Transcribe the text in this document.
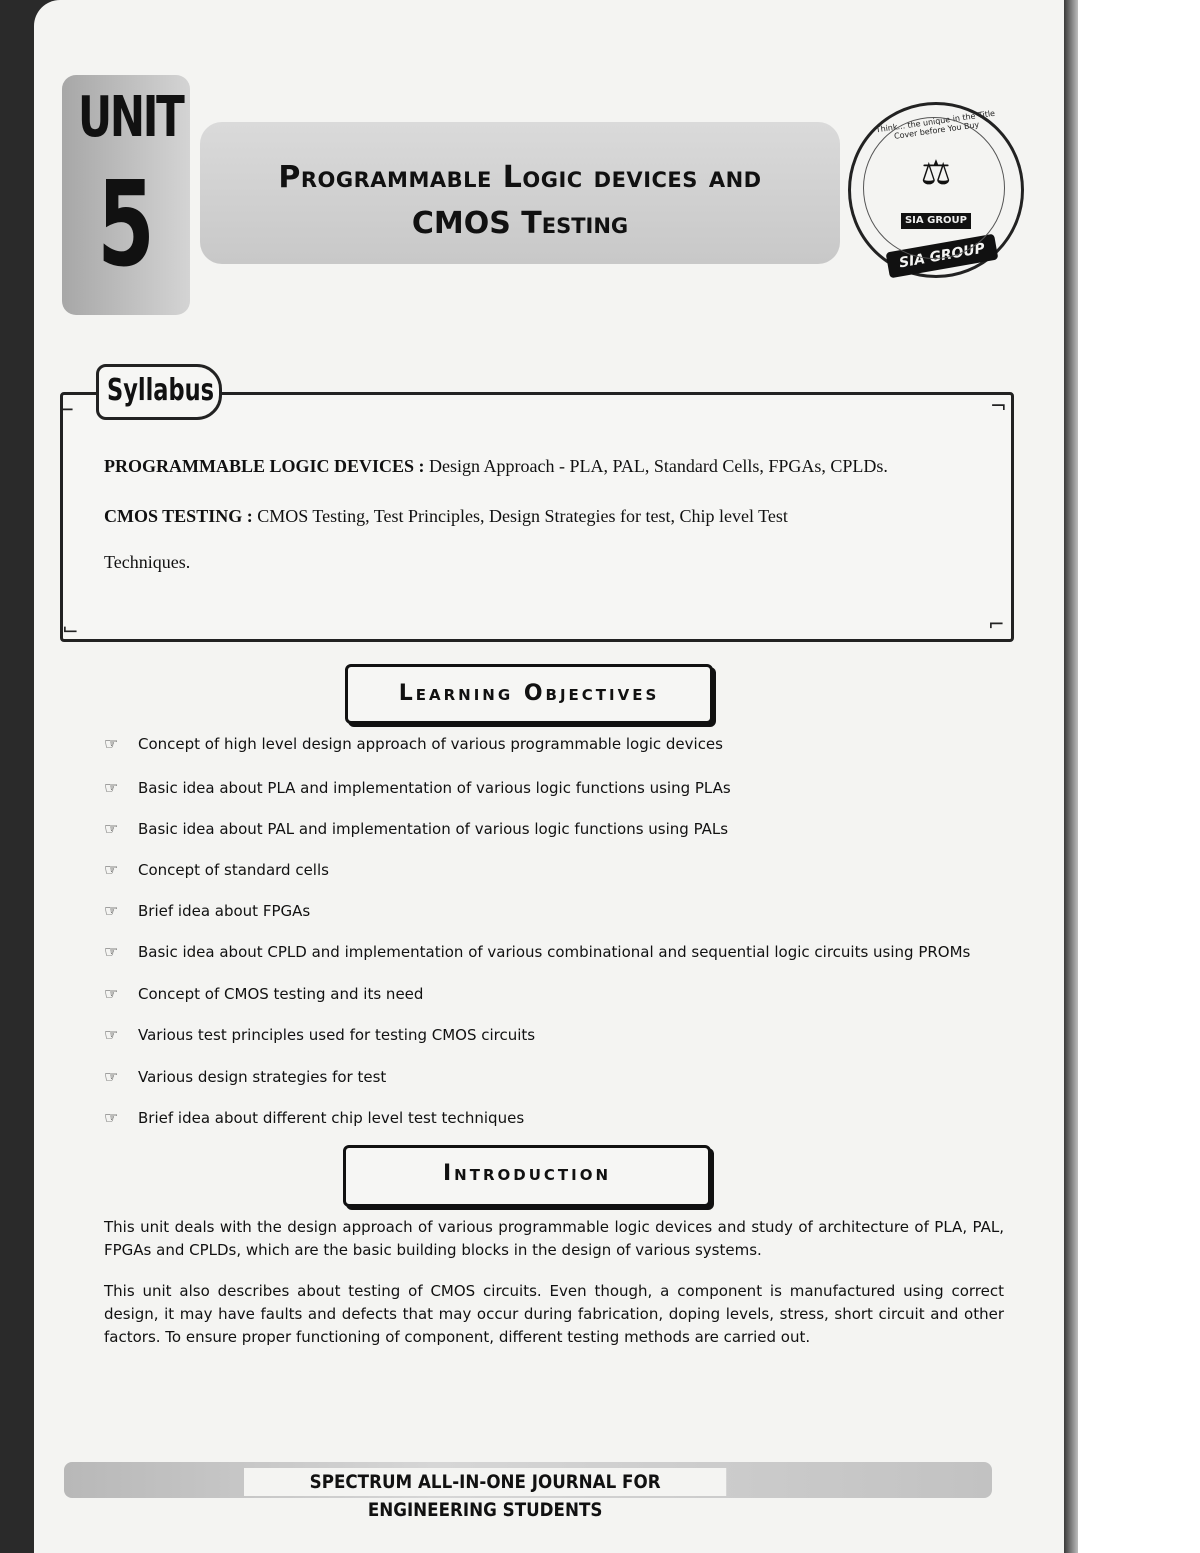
UNIT
5	Programmable Logic devices and
CMOS Testing
Think... the unique in the Title Cover before You Buy
⚖
SIA GROUP
SIA GROUP
Syllabus
⌐	¬
⌙	⌐
PROGRAMMABLE LOGIC DEVICES : Design Approach - PLA, PAL, Standard Cells, FPGAs, CPLDs.
CMOS TESTING : CMOS Testing, Test Principles, Design Strategies for test, Chip level Test
Techniques.
Learning Objectives
☞ Concept of high level design approach of various programmable logic devices
☞ Basic idea about PLA and implementation of various logic functions using PLAs
☞ Basic idea about PAL and implementation of various logic functions using PALs
☞ Concept of standard cells
☞ Brief idea about FPGAs
☞ Basic idea about CPLD and implementation of various combinational and sequential logic circuits using PROMs
☞ Concept of CMOS testing and its need
☞ Various test principles used for testing CMOS circuits
☞ Various design strategies for test
☞ Brief idea about different chip level test techniques
Introduction
This unit deals with the design approach of various programmable logic devices and study of architecture of PLA, PAL, FPGAs and CPLDs, which are the basic building blocks in the design of various systems.
This unit also describes about testing of CMOS circuits. Even though, a component is manufactured using correct design, it may have faults and defects that may occur during fabrication, doping levels, stress, short circuit and other factors. To ensure proper functioning of component, different testing methods are carried out.
SPECTRUM ALL-IN-ONE JOURNAL FOR ENGINEERING STUDENTS
